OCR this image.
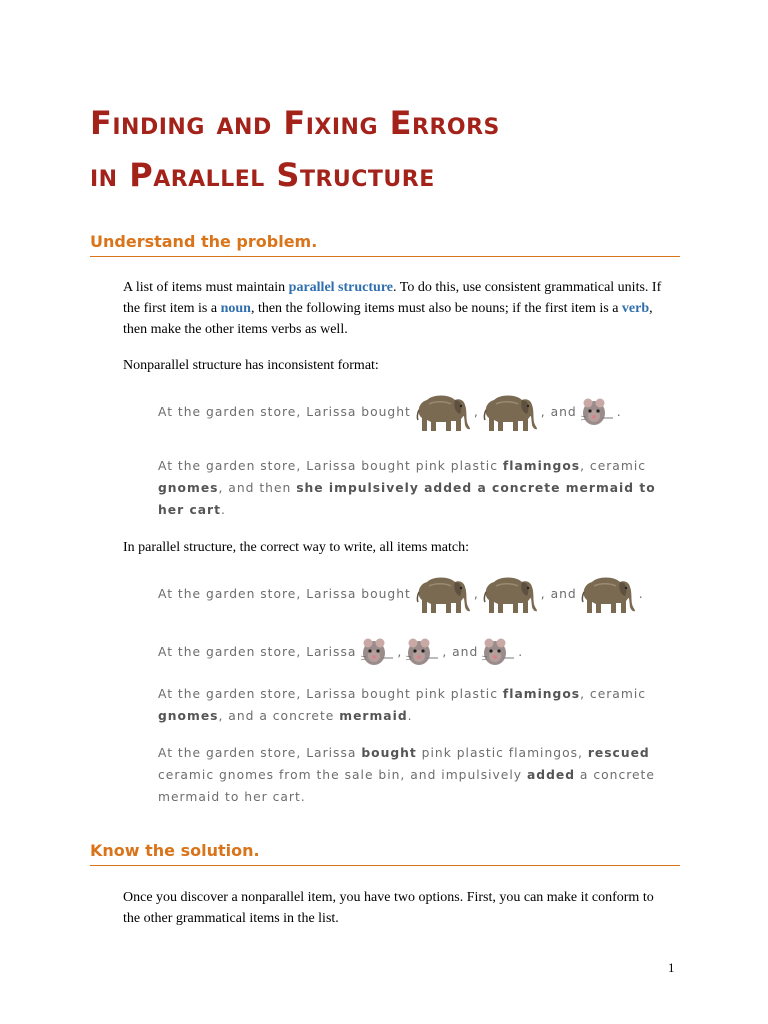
Finding and Fixing Errors
in Parallel Structure
Understand the problem.

A list of items must maintain parallel structure. To do this, use consistent grammatical units. If the first item is a noun, then the following items must also be nouns; if the first item is a verb, then make the other items verbs as well.

Nonparallel structure has inconsistent format:

At the garden store, Larissa bought	,	, and	.

At the garden store, Larissa bought pink plastic flamingos, ceramic gnomes, and then she impulsively added a concrete mermaid to her cart.

In parallel structure, the correct way to write, all items match:

At the garden store, Larissa bought	,	, and	.
At the garden store, Larissa	,	, and	.

At the garden store, Larissa bought pink plastic flamingos, ceramic gnomes, and a concrete mermaid.

At the garden store, Larissa bought pink plastic flamingos, rescued ceramic gnomes from the sale bin, and impulsively added a concrete mermaid to her cart.

Know the solution.

Once you discover a nonparallel item, you have two options. First, you can make it conform to the other grammatical items in the list.

1
